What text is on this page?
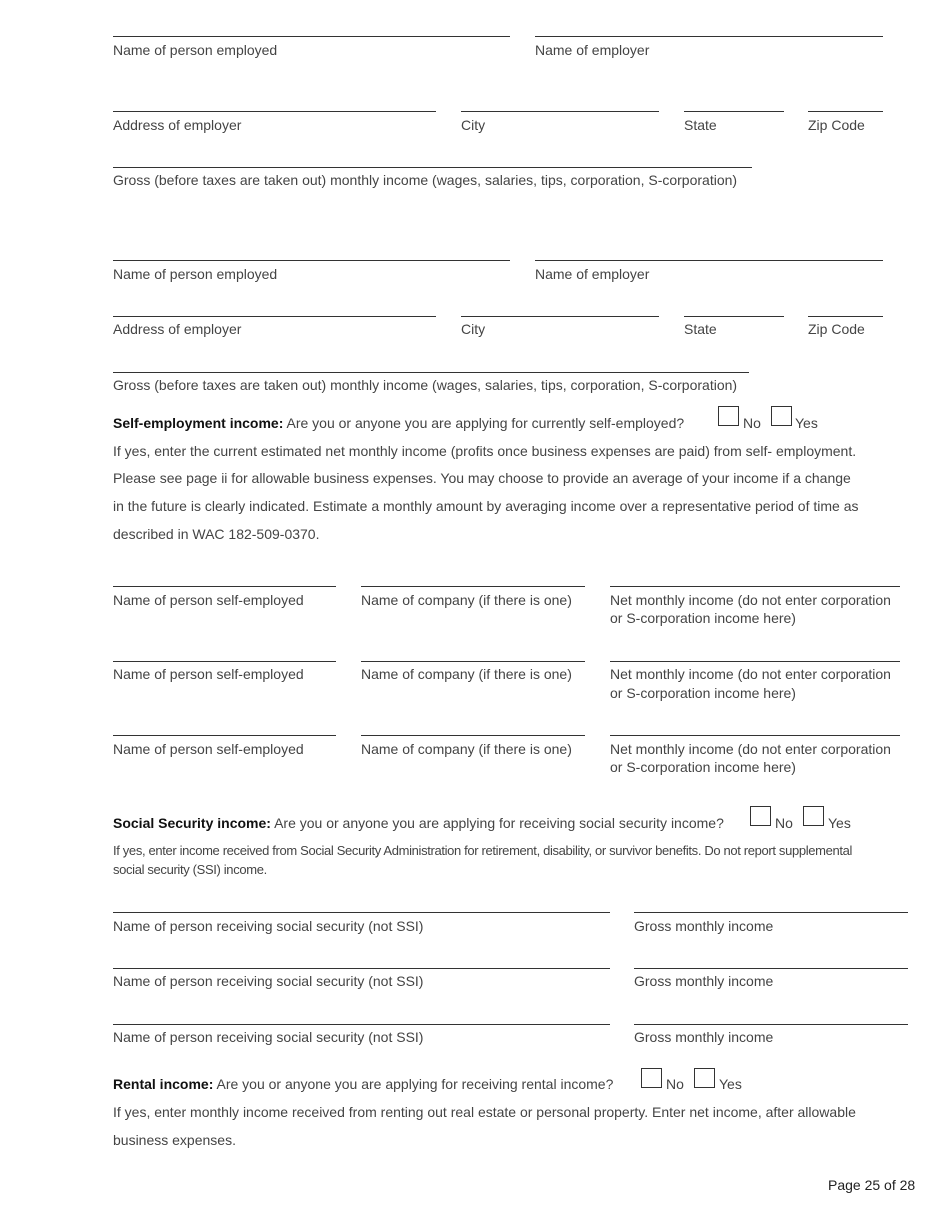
Name of person employed	Name of employer
Address of employer	City	State	Zip Code
Gross (before taxes are taken out) monthly income (wages, salaries, tips, corporation, S-corporation)
Name of person employed	Name of employer
Address of employer	City	State	Zip Code
Gross (before taxes are taken out) monthly income (wages, salaries, tips, corporation, S-corporation)
Self-employment income: Are you or anyone you are applying for currently self-employed?	No Yes
If yes, enter the current estimated net monthly income (profits once business expenses are paid) from self- employment.
Please see page ii for allowable business expenses. You may choose to provide an average of your income if a change
in the future is clearly indicated. Estimate a monthly amount by averaging income over a representative period of time as
described in WAC 182-509-0370.
Name of person self-employed	Name of company (if there is one)	Net monthly income (do not enter corporation
or S-corporation income here)
Name of person self-employed	Name of company (if there is one)	Net monthly income (do not enter corporation
or S-corporation income here)
Name of person self-employed	Name of company (if there is one)	Net monthly income (do not enter corporation
or S-corporation income here)
Social Security income: Are you or anyone you are applying for receiving social security income?	No	Yes
If yes, enter income received from Social Security Administration for retirement, disability, or survivor benefits. Do not report supplemental
social security (SSI) income.
Name of person receiving social security (not SSI)	Gross monthly income
Name of person receiving social security (not SSI)	Gross monthly income
Name of person receiving social security (not SSI)	Gross monthly income
Rental income: Are you or anyone you are applying for receiving rental income?	No	Yes
If yes, enter monthly income received from renting out real estate or personal property. Enter net income, after allowable
business expenses.
Page 25 of 28
